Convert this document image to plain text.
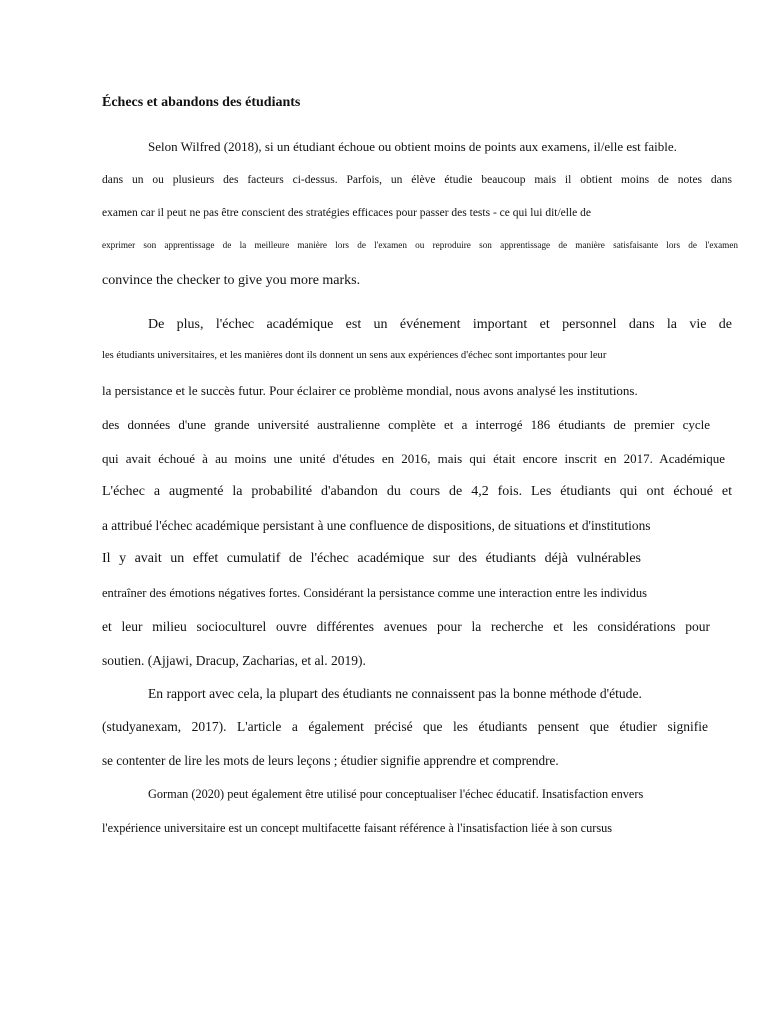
Échecs et abandons des étudiants
Selon Wilfred (2018), si un étudiant échoue ou obtient moins de points aux examens, il/elle est faible.
dans un ou plusieurs des facteurs ci-dessus. Parfois, un élève étudie beaucoup mais il obtient moins de notes dans
examen car il peut ne pas être conscient des stratégies efficaces pour passer des tests - ce qui lui dit/elle de
exprimer son apprentissage de la meilleure manière lors de l'examen ou reproduire son apprentissage de manière satisfaisante lors de l'examen
convince the checker to give you more marks.
De plus, l'échec académique est un événement important et personnel dans la vie de
les étudiants universitaires, et les manières dont ils donnent un sens aux expériences d'échec sont importantes pour leur
la persistance et le succès futur. Pour éclairer ce problème mondial, nous avons analysé les institutions.
des données d'une grande université australienne complète et a interrogé 186 étudiants de premier cycle
qui avait échoué à au moins une unité d'études en 2016, mais qui était encore inscrit en 2017. Académique
L'échec a augmenté la probabilité d'abandon du cours de 4,2 fois. Les étudiants qui ont échoué et
a attribué l'échec académique persistant à une confluence de dispositions, de situations et d'institutions
Il y avait un effet cumulatif de l'échec académique sur des étudiants déjà vulnérables
entraîner des émotions négatives fortes. Considérant la persistance comme une interaction entre les individus
et leur milieu socioculturel ouvre différentes avenues pour la recherche et les considérations pour
soutien. (Ajjawi, Dracup, Zacharias, et al. 2019).
En rapport avec cela, la plupart des étudiants ne connaissent pas la bonne méthode d'étude.
(studyanexam, 2017). L'article a également précisé que les étudiants pensent que étudier signifie
se contenter de lire les mots de leurs leçons ; étudier signifie apprendre et comprendre.
Gorman (2020) peut également être utilisé pour conceptualiser l'échec éducatif. Insatisfaction envers
l'expérience universitaire est un concept multifacette faisant référence à l'insatisfaction liée à son cursus
